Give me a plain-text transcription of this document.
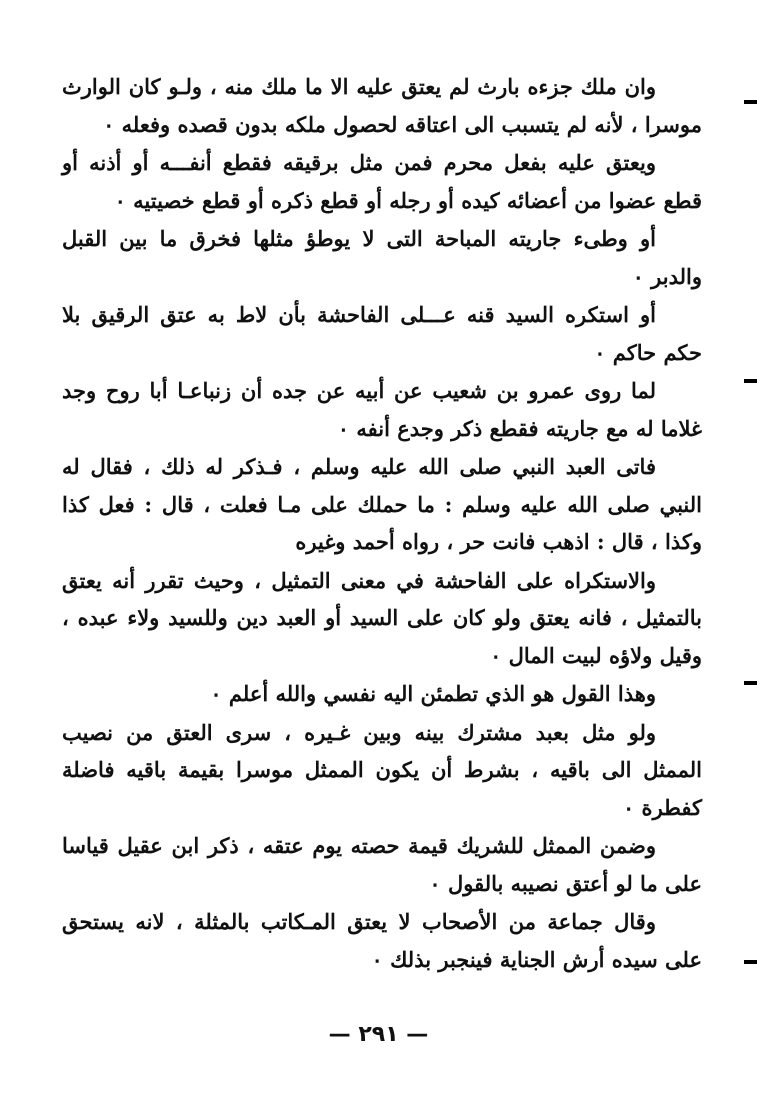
وان ملك جزءه بارث لم يعتق عليه الا ما ملك منه ، ولـو كان الوارث موسرا ، لأنه لم يتسبب الى اعتاقه لحصول ملكه بدون قصده وفعله ٠

ويعتق عليه بفعل محرم فمن مثل برقيقه فقطع أنفـــه أو أذنه أو قطع عضوا من أعضائه كيده أو رجله أو قطع ذكره أو قطع خصيتيه ٠

أو وطىء جاريته المباحة التى لا يوطؤ مثلها فخرق ما بين القبل والدبر ٠

أو استكره السيد قنه عـــلى الفاحشة بأن لاط به عتق الرقيق بلا حكم حاكم ٠

لما روى عمرو بن شعيب عن أبيه عن جده أن زنباعـا أبا روح وجد غلاما له مع جاريته فقطع ذكر وجدع أنفه ٠

فاتى العبد النبي صلى الله عليه وسلم ، فـذكر له ذلك ، فقال له النبي صلى الله عليه وسلم : ما حملك على مـا فعلت ، قال : فعل كذا وكذا ، قال : اذهب فانت حر ، رواه أحمد وغيره

والاستكراه على الفاحشة في معنى التمثيل ، وحيث تقرر أنه يعتق بالتمثيل ، فانه يعتق ولو كان على السيد أو العبد دين وللسيد ولاء عبده ، وقيل ولاؤه لبيت المال ٠

وهذا القول هو الذي تطمئن اليه نفسي والله أعلم ٠

ولو مثل بعبد مشترك بينه وبين غـيره ، سرى العتق من نصيب الممثل الى باقيه ، بشرط أن يكون الممثل موسرا بقيمة باقيه فاضلة كفطرة ٠

وضمن الممثل للشريك قيمة حصته يوم عتقه ، ذكر ابن عقيل قياسا على ما لو أعتق نصيبه بالقول ٠

وقال جماعة من الأصحاب لا يعتق المـكاتب بالمثلة ، لانه يستحق على سيده أرش الجناية فينجبر بذلك ٠

— ٢٩١ —
